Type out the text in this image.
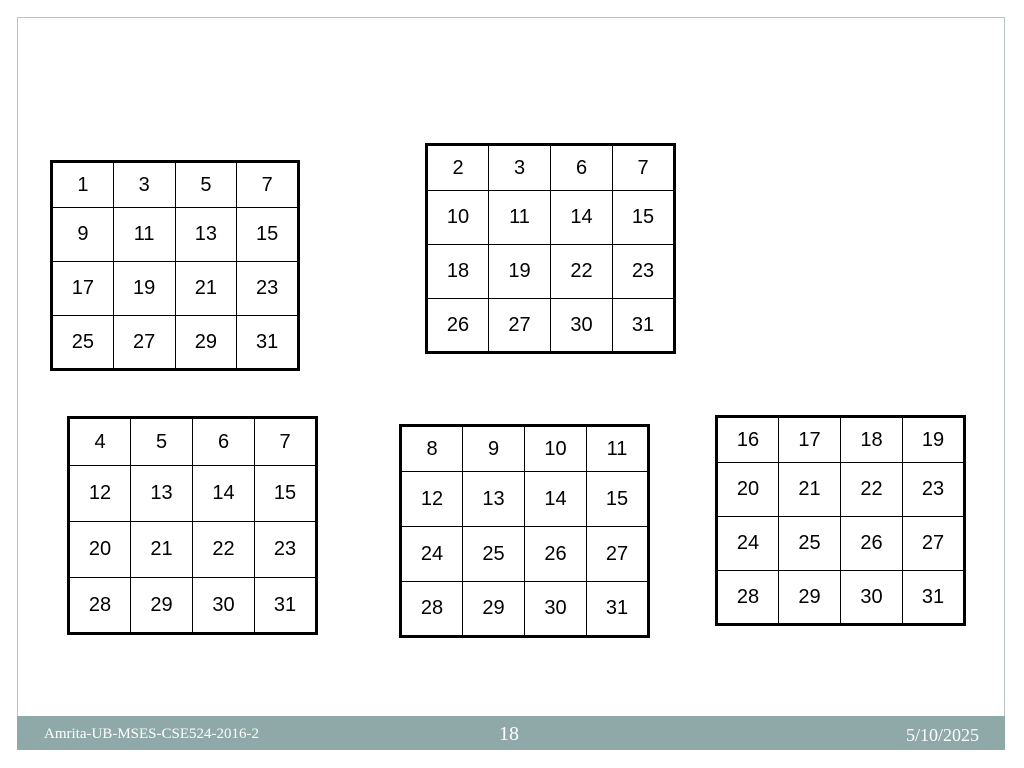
1	3	5	7
9	11	13	15
17	19	21	23
25	27	29	31
2	3	6	7
10	11	14	15
18	19	22	23
26	27	30	31
4	5	6	7
12	13	14	15
20	21	22	23
28	29	30	31
8	9	10	11
12	13	14	15
24	25	26	27
28	29	30	31
16	17	18	19
20	21	22	23
24	25	26	27
28	29	30	31
Amrita-UB-MSES-CSE524-2016-2	18	5/10/2025
